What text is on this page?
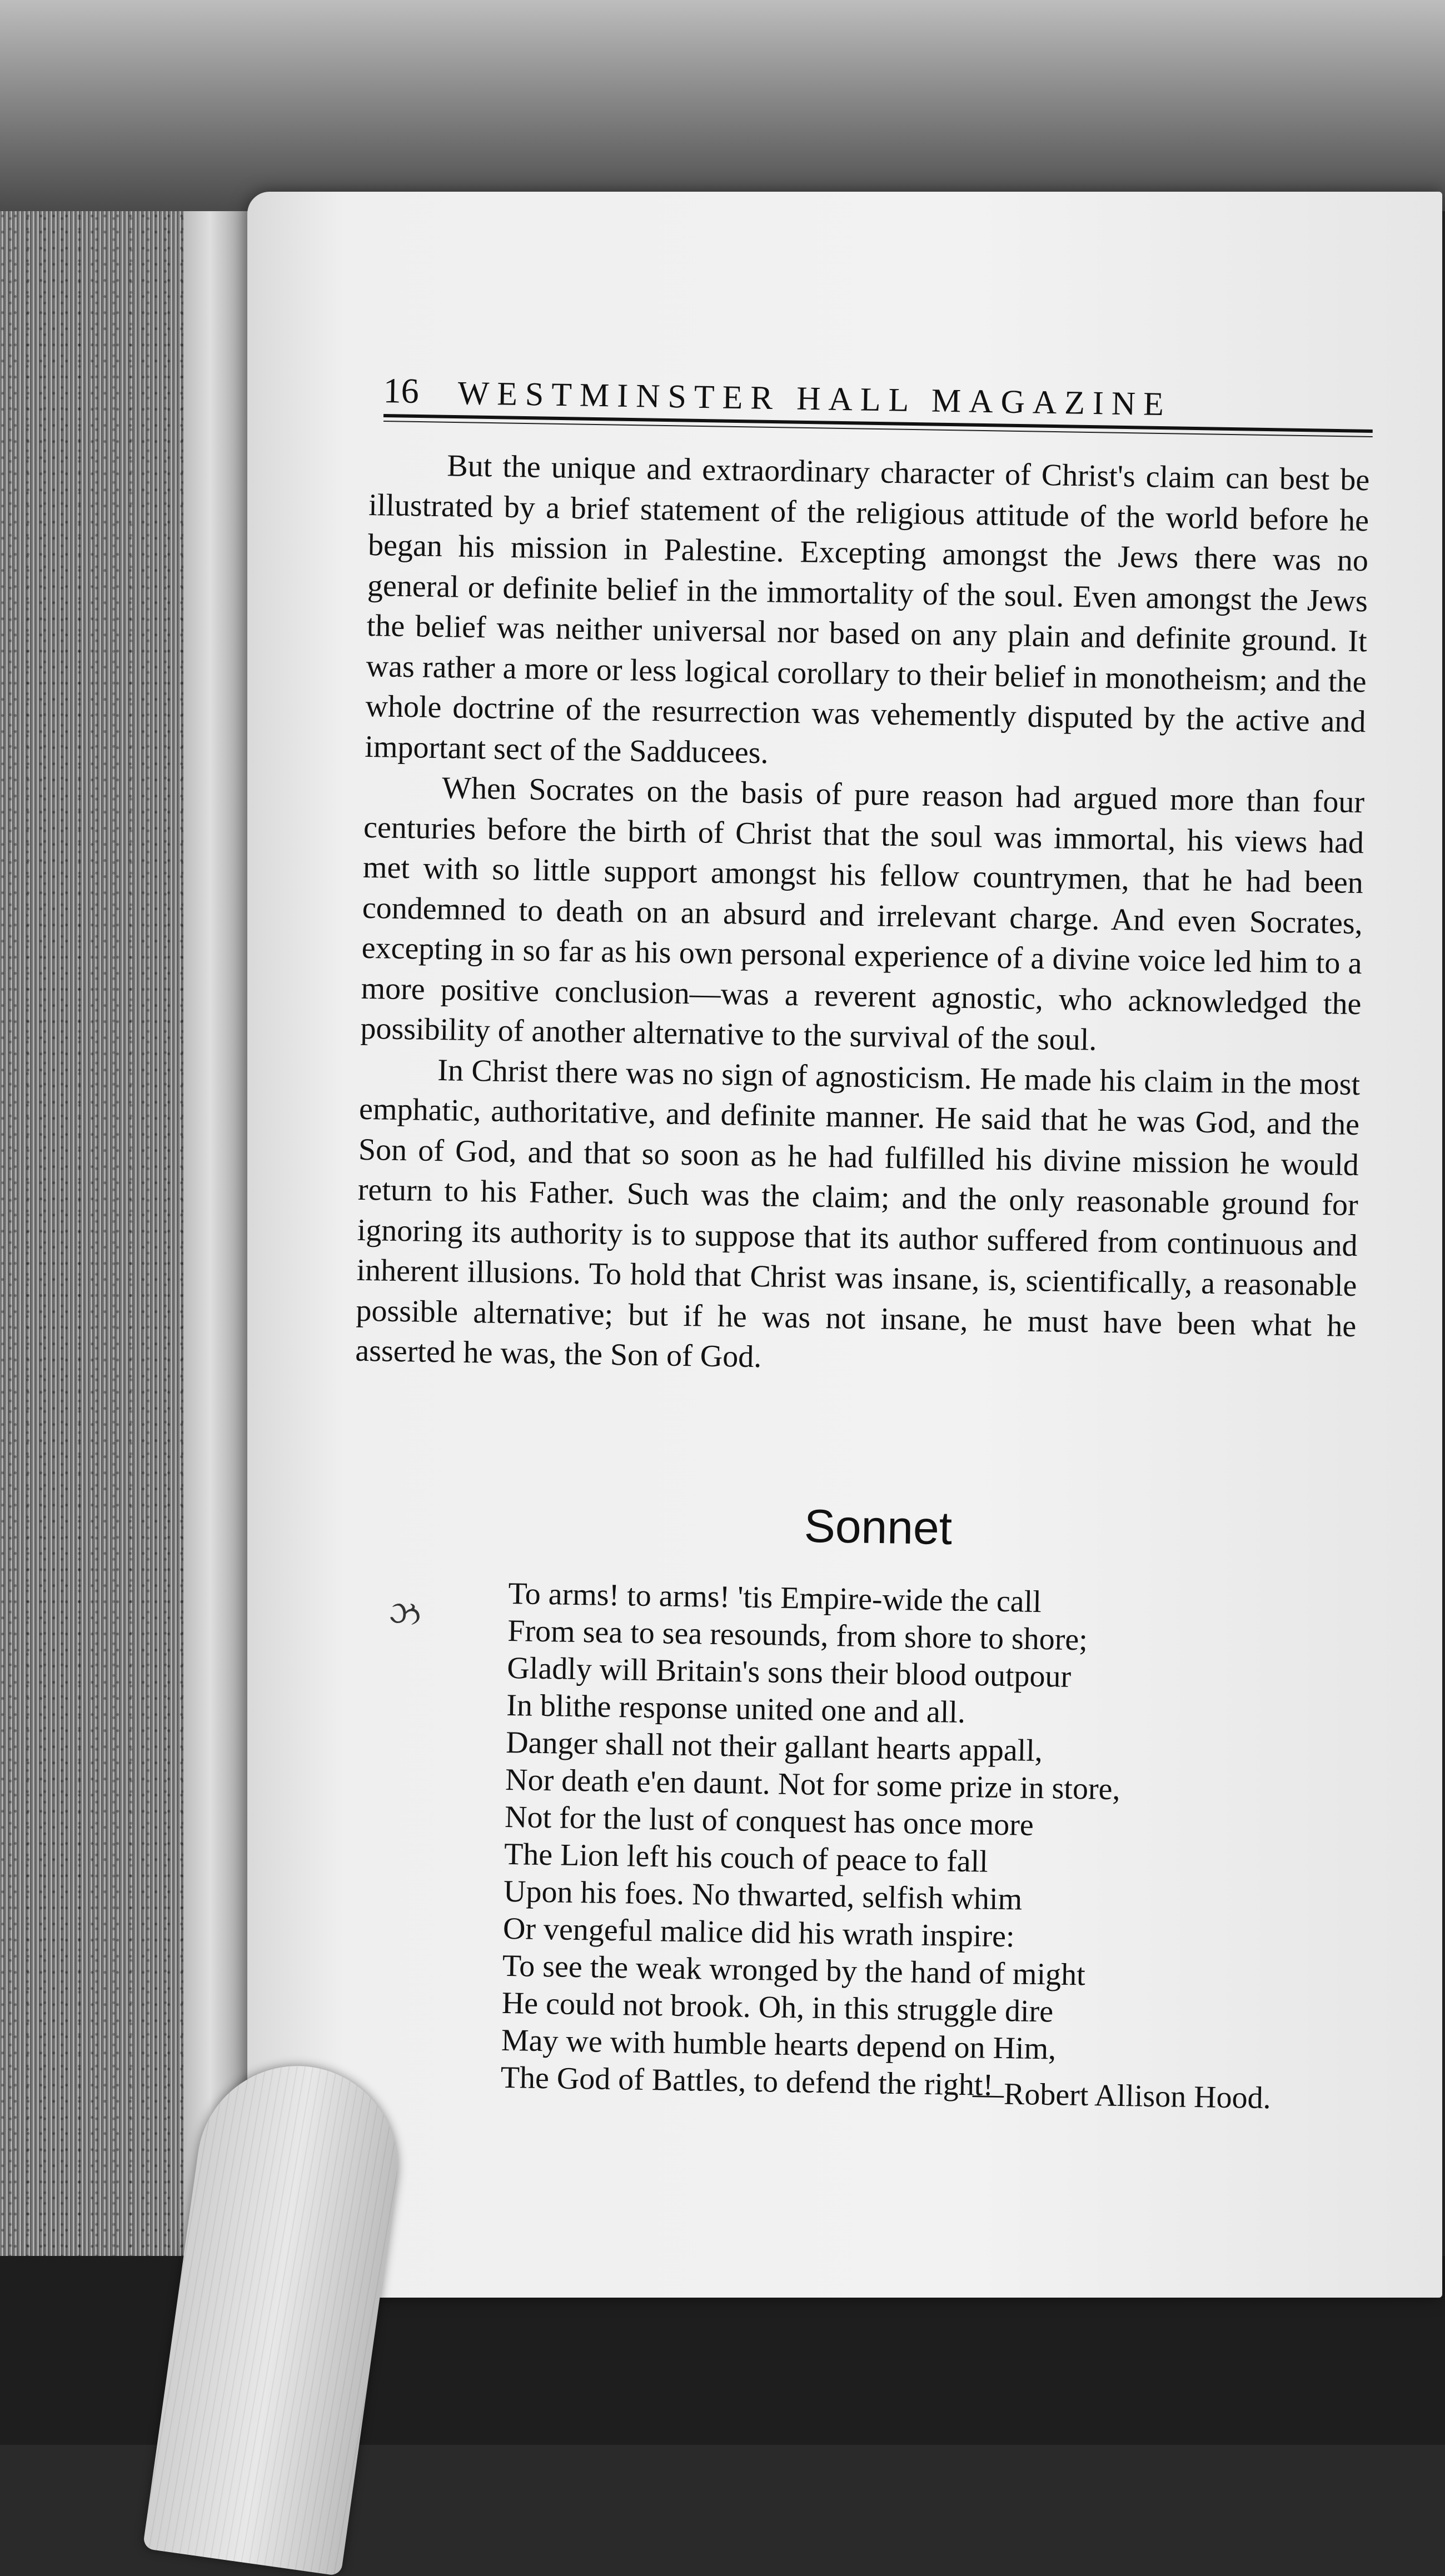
16 WESTMINSTER HALL MAGAZINE

But the unique and extraordinary character of Christ's claim can best be illustrated by a brief statement of the religious attitude of the world before he began his mission in Palestine. Excepting amongst the Jews there was no general or definite belief in the immortality of the soul. Even amongst the Jews the belief was neither universal nor based on any plain and definite ground. It was rather a more or less logical corollary to their belief in monotheism; and the whole doctrine of the resurrection was vehemently disputed by the active and important sect of the Sadducees.

When Socrates on the basis of pure reason had argued more than four centuries before the birth of Christ that the soul was immortal, his views had met with so little support amongst his fellow countrymen, that he had been condemned to death on an absurd and irrelevant charge. And even Socrates, excepting in so far as his own personal experience of a divine voice led him to a more positive conclusion—was a reverent agnostic, who acknowledged the possibility of another alternative to the survival of the soul.

In Christ there was no sign of agnosticism. He made his claim in the most emphatic, authoritative, and definite manner. He said that he was God, and the Son of God, and that so soon as he had fulfilled his divine mission he would return to his Father. Such was the claim; and the only reasonable ground for ignoring its authority is to suppose that its author suffered from continuous and inherent illusions. To hold that Christ was insane, is, scientifically, a reasonable possible alternative; but if he was not insane, he must have been what he asserted he was, the Son of God.

Sonnet
ઝ	To arms! to arms! 'tis Empire-wide the call
From sea to sea resounds, from shore to shore;
Gladly will Britain's sons their blood outpour
In blithe response united one and all.
Danger shall not their gallant hearts appall,
Nor death e'en daunt. Not for some prize in store,
Not for the lust of conquest has once more
The Lion left his couch of peace to fall
Upon his foes. No thwarted, selfish whim
Or vengeful malice did his wrath inspire:
To see the weak wronged by the hand of might
He could not brook. Oh, in this struggle dire
May we with humble hearts depend on Him,
The God of Battles, to defend the right!
—Robert Allison Hood.
